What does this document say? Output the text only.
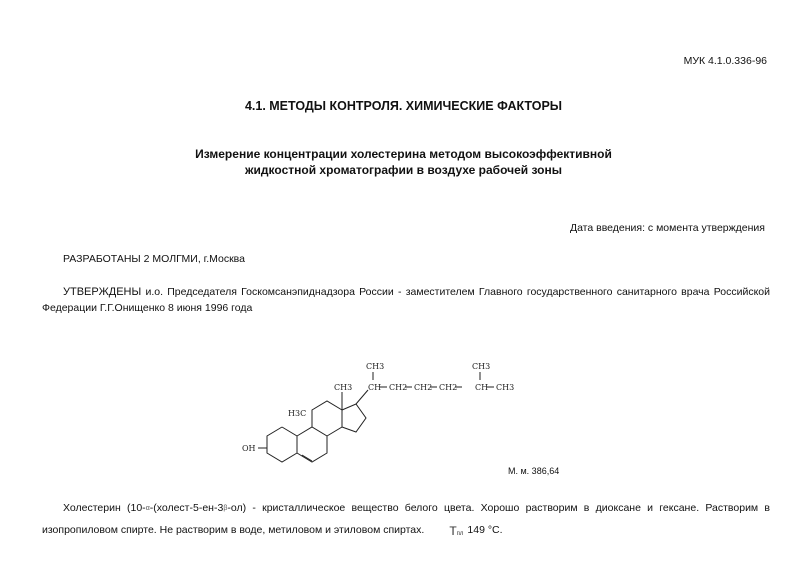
МУК 4.1.0.336-96
4.1. МЕТОДЫ КОНТРОЛЯ. ХИМИЧЕСКИЕ ФАКТОРЫ
Измерение концентрации холестерина методом высокоэффективной
жидкостной хроматографии в воздухе рабочей зоны
Дата введения: с момента утверждения
РАЗРАБОТАНЫ 2 МОЛГМИ, г.Москва
УТВЕРЖДЕНЫ и.о. Председателя Госкомсанэпиднадзора России - заместителем Главного государственного санитарного врача Российской Федерации Г.Г.Онищенко 8 июня 1996 года
CH3	CH3
CH3 CH CH2 CH2 CH2 CH CH3
H3C
OH
М. м. 386,64
Холестерин (10-α-(холест-5-ен-3β-ол) - кристаллическое вещество белого цвета. Хорошо растворим в диоксане и гексане. Растворим в изопропиловом спирте. Не растворим в воде, метиловом и этиловом спиртах. Тпл 149 °С.
